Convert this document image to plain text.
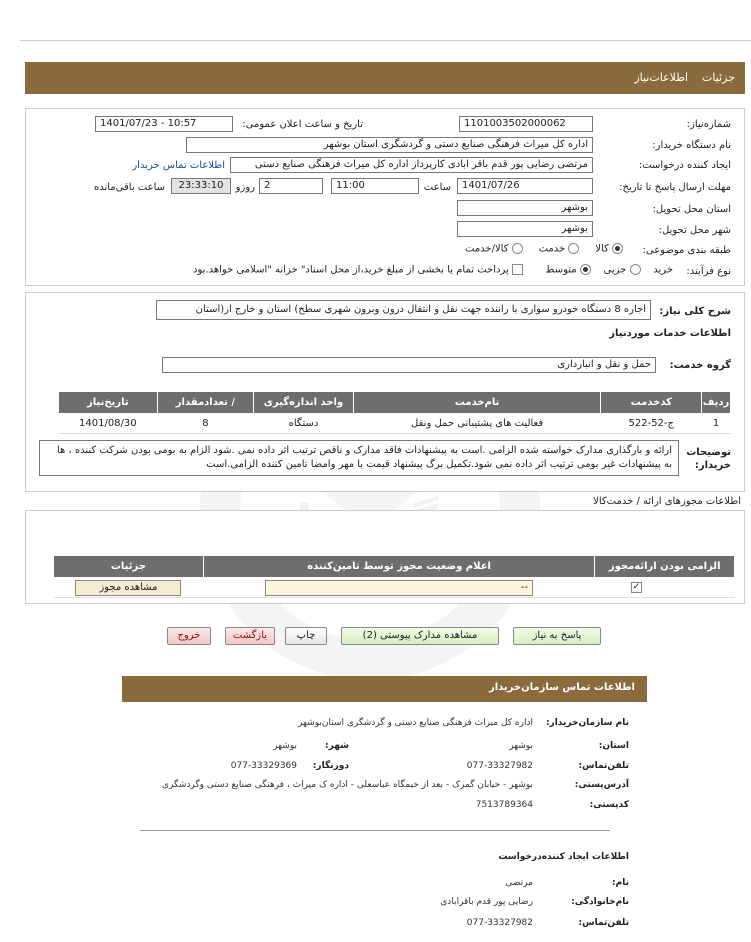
جزئیات    اطلاعات‌نیاز
شماره‌نیاز:
1101003502000062
تاریخ و ساعت اعلان عمومی:
1401/07/23 - 10:57
نام دستگاه خریدار:
اداره کل میراث فرهنگی صنایع دستی و گردشگری استان بوشهر
ایجاد کننده درخواست:
مرتضی رضایی پور قدم باقر ابادی کارپرداز اداره کل میراث فرهنگی صنایع دستی
اطلاعات تماس خریدار
مهلت ارسال پاسخ تا تاریخ:
1401/07/26
ساعت
11:00
2
روزو
23:33:10
ساعت باقی‌مانده
استان محل تحویل:
بوشهر
شهر محل تحویل:
بوشهر
طبقه بندی موضوعی:
کالا      خدمت      کالا/خدمت
نوع فرآیند:
خرید     جزیی     متوسط        پرداخت تمام یا بخشی از مبلغ خرید،از محل اسناد" خزانه "اسلامی خواهد.بود
شرح کلی نیاز:
اجاره 8 دستگاه خودرو سواری با راننده جهت نقل و انتقال درون وبرون شهری سطح) استان و خارج از(استان
اطلاعات خدمات موردنیاز
گروه خدمت:
حمل و نقل و انبارداری
ردیف	کدخدمت	نام‌خدمت	واحد اندازه‌گیری	/ تعدادمقدار	تاریخ‌نیاز
1	ج-52-522	فعالیت های پشتیبانی حمل ونقل	دستگاه	8	1401/08/30
توضیحات خریدار:
ارائه و بارگذاری مدارک خواسته شده الزامی .است به پیشنهادات فاقد مدارک و ناقص ترتیب اثر داده نمی .شود الزام به بومی بودن شرکت کننده ، ها به پیشنهادات غیر بومی ترتیب اثر داده نمی شود.تکمیل برگ پیشنهاد قیمت با مهر وامضا تامین کننده الزامی.است
اطلاعات مجوزهای ارائه / خدمت‌کالا
الزامی بودن ارائه‌مجوز	اعلام وضعیت مجوز توسط تامین‌کننده	جزئیات
✓	--	مشاهده مجوز
پاسخ به نیاز
مشاهده مدارک پیوستی (2)
چاپ
بازگشت
خروج
اطلاعات تماس سازمان‌خریدار
نام سازمان‌خریدار:
اداره کل میراث فرهنگی صنایع دستی و گردشگری استان‌بوشهر
استان:
بوشهر
شهر:
بوشهر
تلفن‌تماس:
077-33327982
دورنگار:
077-33329369
آدرس‌پستی:
بوشهر - خیابان گمرک - بعد از خیمگاه عباسعلی - اداره ک میراث ، فرهنگی صنایع دستی وگردشگری
کدپستی:
7513789364
اطلاعات ایجاد کننده‌درخواست
نام:
مرتضی
نام‌خانوادگی:
رضایی پور قدم باقرابادی
تلفن‌تماس:
077-33327982
